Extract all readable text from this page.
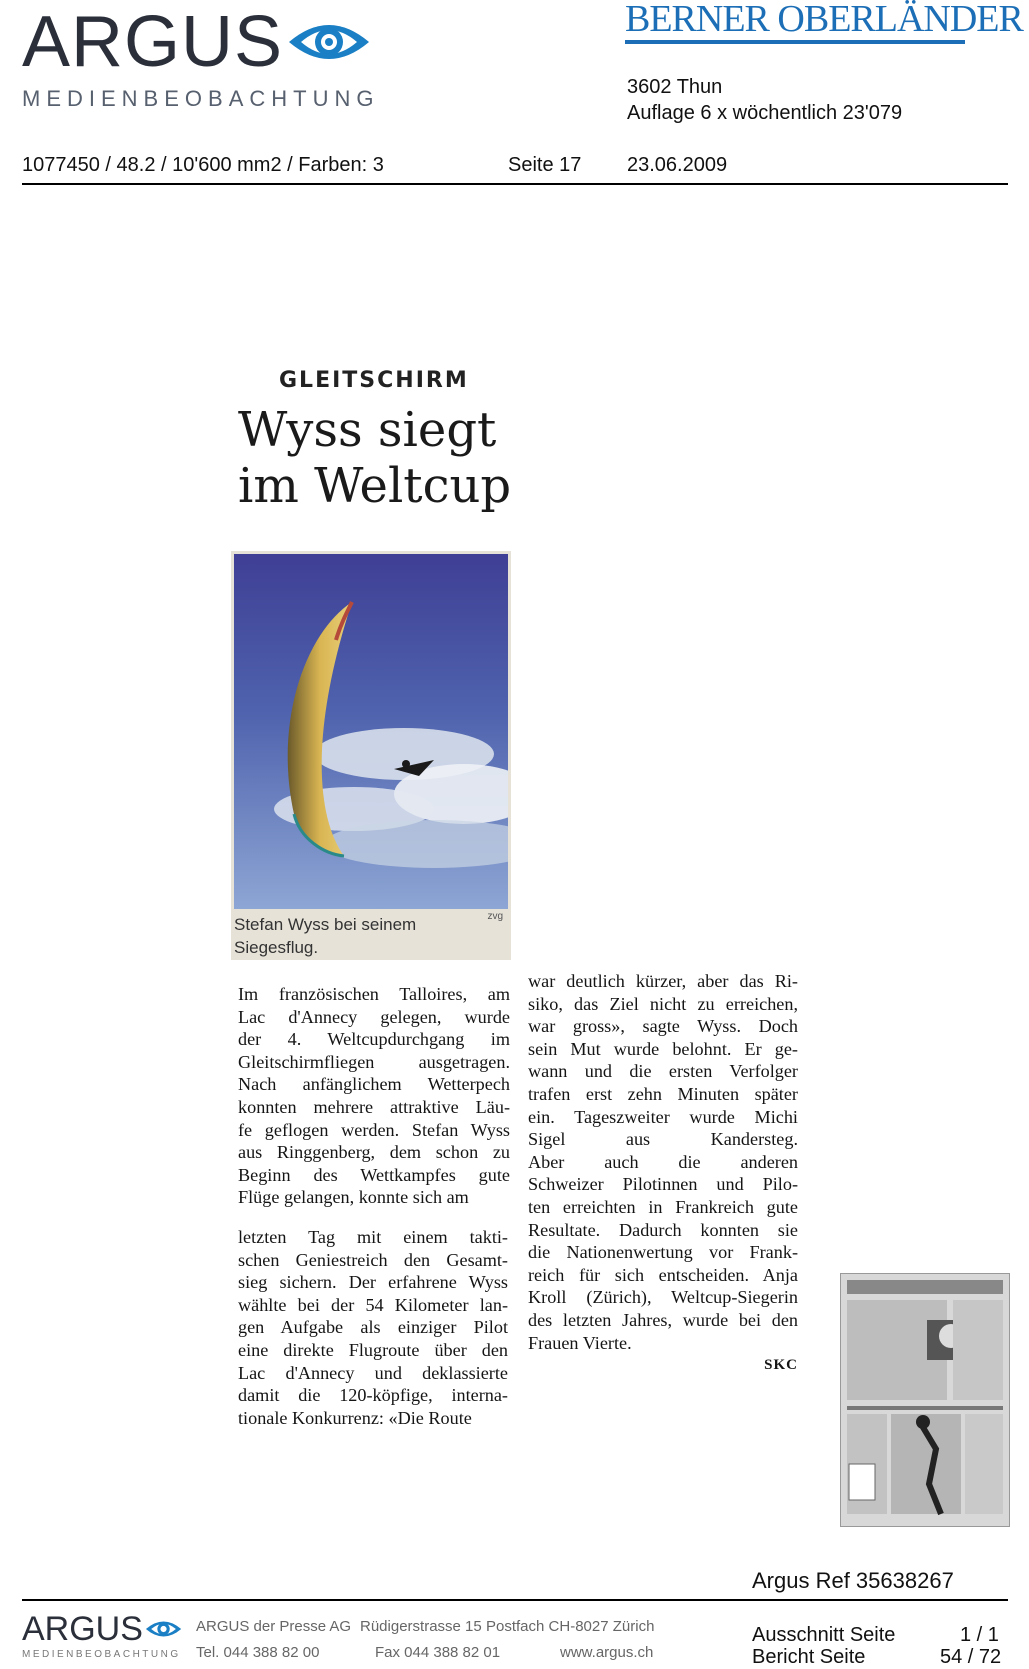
ARGUS
MEDIENBEOBACHTUNG
BERNER OBERLÄNDER
3602 Thun
Auflage 6 x wöchentlich 23'079
1077450 / 48.2 / 10'600 mm2 / Farben: 3	Seite 17 23.06.2009
GLEITSCHIRM
Wyss siegt
im Weltcup
Stefan Wyss bei seinem
Siegesflug.
zvg

Im französischen Talloires, am

Lac d'Annecy gelegen, wurde

der 4. Weltcupdurchgang im

Gleitschirmfliegen ausgetragen.

Nach anfänglichem Wetterpech

konnten mehrere attraktive Läu-

fe geflogen werden. Stefan Wyss

aus Ringgenberg, dem schon zu

Beginn des Wettkampfes gute

Flüge gelangen, konnte sich am

letzten Tag mit einem takti-

schen Geniestreich den Gesamt-

sieg sichern. Der erfahrene Wyss

wählte bei der 54 Kilometer lan-

gen Aufgabe als einziger Pilot

eine direkte Flugroute über den

Lac d'Annecy und deklassierte

damit die 120-köpfige, interna-

tionale Konkurrenz: «Die Route

war deutlich kürzer, aber das Ri-

siko, das Ziel nicht zu erreichen,

war gross», sagte Wyss. Doch

sein Mut wurde belohnt. Er ge-

wann und die ersten Verfolger

trafen erst zehn Minuten später

ein. Tageszweiter wurde Michi

Sigel aus Kandersteg.

Aber auch die anderen

Schweizer Pilotinnen und Pilo-

ten erreichten in Frankreich gute

Resultate. Dadurch konnten sie

die Nationenwertung vor Frank-

reich für sich entscheiden. Anja

Kroll (Zürich), Weltcup-Siegerin

des letzten Jahres, wurde bei den

Frauen Vierte.

SKC

Argus Ref 35638267
ARGUS
MEDIENBEOBACHTUNG
ARGUS der Presse AG Rüdigerstrasse 15 Postfach CH-8027 Zürich
Tel. 044 388 82 00	Fax 044 388 82 01	www.argus.ch
Ausschnitt Seite	1 / 1
Bericht Seite	54 / 72
